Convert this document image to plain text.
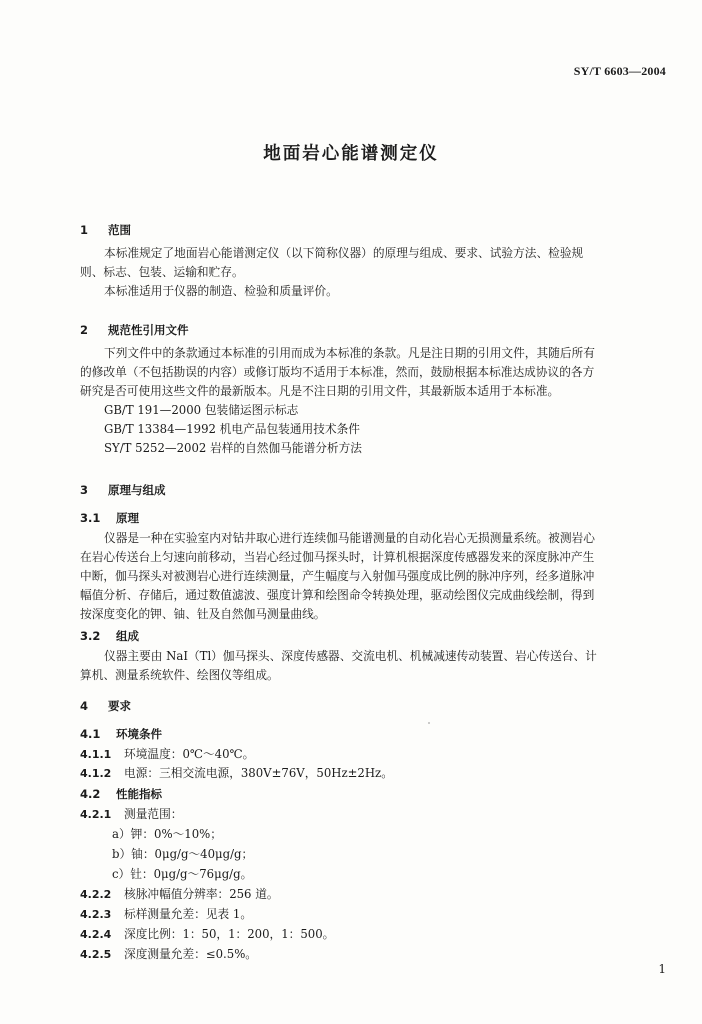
SY/T 6603—2004
地面岩心能谱测定仪
1 范围
本标准规定了地面岩心能谱测定仪（以下简称仪器）的原理与组成、要求、试验方法、检验规
则、标志、包装、运输和贮存。
本标准适用于仪器的制造、检验和质量评价。
2 规范性引用文件
下列文件中的条款通过本标准的引用而成为本标准的条款。凡是注日期的引用文件，其随后所有
的修改单（不包括勘误的内容）或修订版均不适用于本标准，然而，鼓励根据本标准达成协议的各方
研究是否可使用这些文件的最新版本。凡是不注日期的引用文件，其最新版本适用于本标准。
GB/T 191—2000 包装储运图示标志
GB/T 13384—1992 机电产品包装通用技术条件
SY/T 5252—2002 岩样的自然伽马能谱分析方法
3 原理与组成
3.1 原理
仪器是一种在实验室内对钻井取心进行连续伽马能谱测量的自动化岩心无损测量系统。被测岩心
在岩心传送台上匀速向前移动，当岩心经过伽马探头时，计算机根据深度传感器发来的深度脉冲产生
中断，伽马探头对被测岩心进行连续测量，产生幅度与入射伽马强度成比例的脉冲序列，经多道脉冲
幅值分析、存储后，通过数值滤波、强度计算和绘图命令转换处理，驱动绘图仪完成曲线绘制，得到
按深度变化的钾、铀、钍及自然伽马测量曲线。
3.2 组成
仪器主要由 NaI（Tl）伽马探头、深度传感器、交流电机、机械减速传动装置、岩心传送台、计
算机、测量系统软件、绘图仪等组成。
4 要求
4.1 环境条件
4.1.1 环境温度：0℃～40℃。
4.1.2 电源：三相交流电源，380V±76V，50Hz±2Hz。
4.2 性能指标
4.2.1 测量范围：
a）钾：0%～10%；
b）铀：0μg/g～40μg/g；
c）钍：0μg/g～76μg/g。
4.2.2 核脉冲幅值分辨率：256 道。
4.2.3 标样测量允差：见表 1。
4.2.4 深度比例：1：50，1：200，1：500。
4.2.5 深度测量允差：≤0.5%。
1
